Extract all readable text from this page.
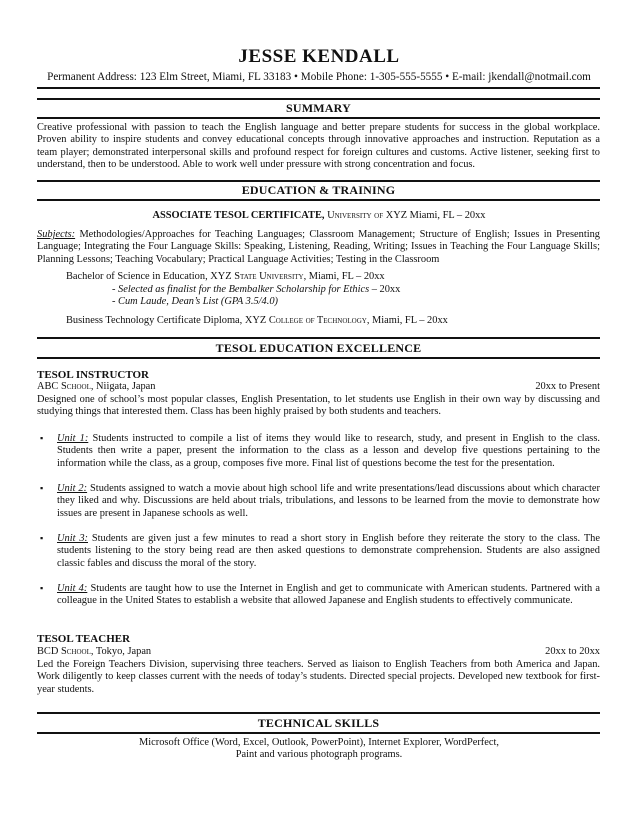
JESSE KENDALL
Permanent Address: 123 Elm Street, Miami, FL 33183 • Mobile Phone: 1-305-555-5555 • E-mail: jkendall@notmail.com
SUMMARY
Creative professional with passion to teach the English language and better prepare students for success in the global workplace. Proven ability to inspire students and convey educational concepts through innovative approaches and instruction. Reputation as a team player; demonstrated interpersonal skills and profound respect for foreign cultures and customs. Active listener, seeking first to understand, then to be understood. Able to work well under pressure with strong concentration and focus.
EDUCATION & TRAINING
ASSOCIATE TESOL CERTIFICATE, University of XYZ Miami, FL – 20xx
Subjects: Methodologies/Approaches for Teaching Languages; Classroom Management; Structure of English; Issues in Presenting Language; Integrating the Four Language Skills: Speaking, Listening, Reading, Writing; Issues in Teaching the Four Language Skills; Planning Lessons; Teaching Vocabulary; Practical Language Activities; Testing in the Classroom
Bachelor of Science in Education, XYZ State University, Miami, FL – 20xx
- Selected as finalist for the Bembalker Scholarship for Ethics – 20xx
- Cum Laude, Dean’s List (GPA 3.5/4.0)
Business Technology Certificate Diploma, XYZ College of Technology, Miami, FL – 20xx
TESOL EDUCATION EXCELLENCE
TESOL INSTRUCTOR
ABC School, Niigata, Japan	20xx to Present
Designed one of school’s most popular classes, English Presentation, to let students use English in their own way by discussing and studying things that interested them. Class has been highly praised by both students and teachers.
▪ Unit 1: Students instructed to compile a list of items they would like to research, study, and present in English to the class. Students then write a paper, present the information to the class as a lesson and develop five questions pertaining to the information while the class, as a group, composes five more. Final list of questions become the test for the presentation.
▪ Unit 2: Students assigned to watch a movie about high school life and write presentations/lead discussions about which character they liked and why. Discussions are held about trials, tribulations, and lessons to be learned from the movie to demonstrate how issues are present in Japanese schools as well.
▪ Unit 3: Students are given just a few minutes to read a short story in English before they reiterate the story to the class. The students listening to the story being read are then asked questions to demonstrate comprehension. Students are also assigned classic fables and discuss the moral of the story.
▪ Unit 4: Students are taught how to use the Internet in English and get to communicate with American students. Partnered with a colleague in the United States to establish a website that allowed Japanese and English students to effectively communicate.
TESOL TEACHER
BCD School, Tokyo, Japan	20xx to 20xx
Led the Foreign Teachers Division, supervising three teachers. Served as liaison to English Teachers from both America and Japan. Work diligently to keep classes current with the needs of today’s students. Directed special projects. Developed new textbook for first-year students.
TECHNICAL SKILLS
Microsoft Office (Word, Excel, Outlook, PowerPoint), Internet Explorer, WordPerfect,
Paint and various photograph programs.
